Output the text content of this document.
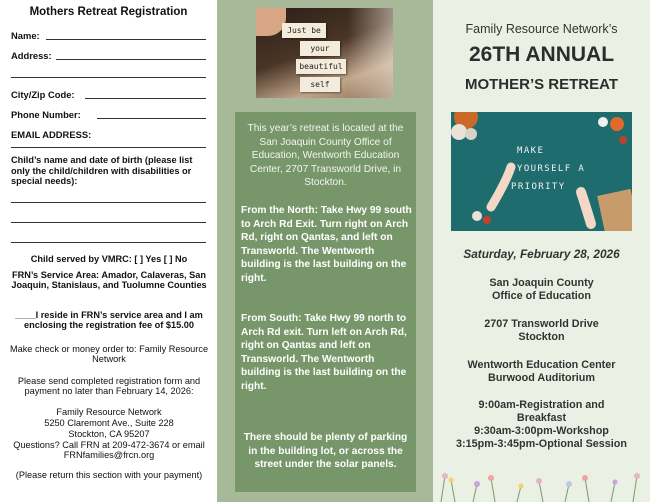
Mothers Retreat Registration
Name:
Address:
City/Zip Code:
Phone Number:
EMAIL ADDRESS:
Child’s name and date of birth (please list only the child/children with disabilities or special needs):
Child served by VMRC: [ ] Yes [ ] No
FRN’s Service Area: Amador, Calaveras, San Joaquin, Stanislaus, and Tuolumne Counties
____I reside in FRN’s service area and I am enclosing the registration fee of $15.00
Make check or money order to: Family Resource Network
Please send completed registration form and payment no later than February 14, 2026:
Family Resource Network
5250 Claremont Ave., Suite 228
Stockton, CA 95207
Questions? Call FRN at 209-472-3674 or email FRNfamilies@frcn.org
(Please return this section with your payment)
Just be
your
beautiful
self
This year’s retreat is located at the San Joaquin County Office of Education, Wentworth Education Center, 2707 Transworld Drive, in Stockton.
From the North: Take Hwy 99 south to Arch Rd Exit. Turn right on Arch Rd, right on Qantas, and left on Transworld. The Wentworth building is the last building on the right.
From South: Take Hwy 99 north to Arch Rd exit. Turn left on Arch Rd, right on Qantas and left on Transworld. The Wentworth building is the last building on the right.
There should be plenty of parking in the building lot, or across the street under the solar panels.
Family Resource Network’s
26TH ANNUAL
MOTHER’S RETREAT
MAKE
YOURSELF A
PRIORITY
Saturday, February 28, 2026
San Joaquin County
Office of Education
2707 Transworld Drive
Stockton
Wentworth Education Center
Burwood Auditorium
9:00am-Registration and Breakfast
9:30am-3:00pm-Workshop
3:15pm-3:45pm-Optional Session
